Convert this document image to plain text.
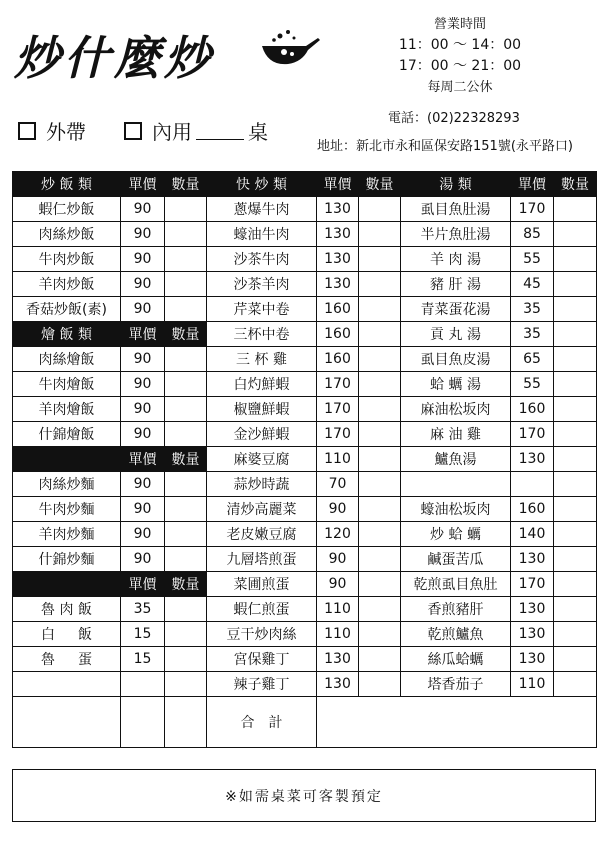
炒什麼炒
營業時間
11：00 ～ 14：00
17：00 ～ 21：00
每周二公休
電話：(02)22328293
地址：新北市永和區保安路151號(永平路口)
外帶	內用	桌
炒 飯 類	單價	數量	快 炒 類	單價	數量	湯 類	單價	數量
蝦仁炒飯	90		蔥爆牛肉	130		虱目魚肚湯	170	
肉絲炒飯	90		蠔油牛肉	130		半片魚肚湯	85	
牛肉炒飯	90		沙茶牛肉	130		羊 肉 湯	55	
羊肉炒飯	90		沙茶羊肉	130		豬 肝 湯	45	
香菇炒飯(素)	90		芹菜中卷	160		青菜蛋花湯	35	
燴 飯 類	單價	數量	三杯中卷	160		貢 丸 湯	35	
肉絲燴飯	90		三 杯 雞	160		虱目魚皮湯	65	
牛肉燴飯	90		白灼鮮蝦	170		蛤 蠣 湯	55	
羊肉燴飯	90		椒鹽鮮蝦	170		麻油松坂肉	160	
什錦燴飯	90		金沙鮮蝦	170		麻 油 雞	170	
	單價	數量	麻婆豆腐	110		鱸魚湯	130	
肉絲炒麵	90		蒜炒時蔬	70				
牛肉炒麵	90		清炒高麗菜	90		蠔油松坂肉	160	
羊肉炒麵	90		老皮嫩豆腐	120		炒 蛤 蠣	140	
什錦炒麵	90		九層塔煎蛋	90		鹹蛋苦瓜	130	
	單價	數量	菜圃煎蛋	90		乾煎虱目魚肚	170	
魯 肉 飯	35		蝦仁煎蛋	110		香煎豬肝	130	
白 　 飯	15		豆干炒肉絲	110		乾煎鱸魚	130	
魯 　 蛋	15		宮保雞丁	130		絲瓜蛤蠣	130	
			辣子雞丁	130		塔香茄子	110	
			合　計					
※如需桌菜可客製預定
